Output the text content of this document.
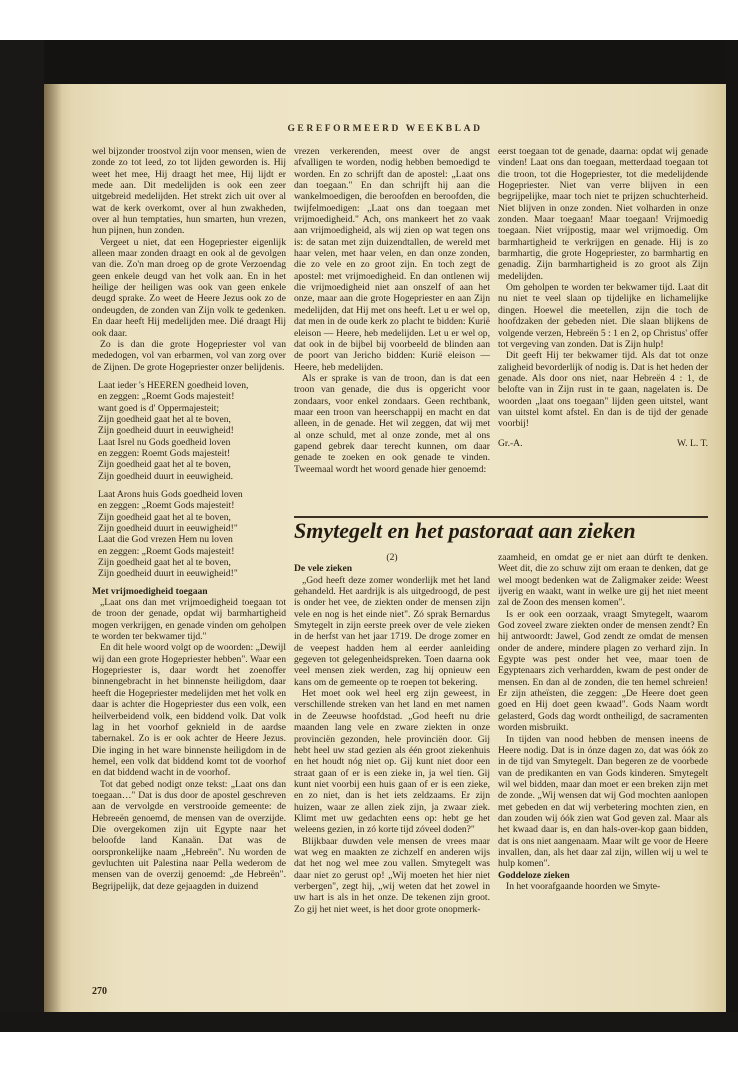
GEREFORMEERD WEEKBLAD

wel bijzonder troostvol zijn voor mensen, wien de zonde zo tot leed, zo tot lijden geworden is. Hij weet het mee, Hij draagt het mee, Hij lijdt er mede aan. Dit medelijden is ook een zeer uitgebreid medelijden. Het strekt zich uit over al wat de kerk overkomt, over al hun zwakheden, over al hun temptaties, hun smarten, hun vrezen, hun pijnen, hun zonden.

Vergeet u niet, dat een Hogepriester eigenlijk alleen maar zonden draagt en ook al de gevolgen van die. Zo'n man droeg op de grote Verzoendag geen enkele deugd van het volk aan. En in het heilige der heiligen was ook van geen enkele deugd sprake. Zo weet de Heere Jezus ook zo de ondeugden, de zonden van Zijn volk te gedenken. En daar heeft Hij medelijden mee. Dié draagt Hij ook daar.

Zo is dan die grote Hogepriester vol van mededogen, vol van erbarmen, vol van zorg over de Zijnen. De grote Hogepriester onzer belijdenis.

Laat ieder 's HEEREN goedheid loven,
en zeggen: „Roemt Gods majesteit!
want goed is d' Oppermajesteit;
Zijn goedheid gaat het al te boven,
Zijn goedheid duurt in eeuwigheid!
Laat Isrel nu Gods goedheid loven
en zeggen: Roemt Gods majesteit!
Zijn goedheid gaat het al te boven,
Zijn goedheid duurt in eeuwigheid.
Laat Arons huis Gods goedheid loven
en zeggen: „Roemt Gods majesteit!
Zijn goedheid gaat het al te boven,
Zijn goedheid duurt in eeuwigheid!"
Laat die God vrezen Hem nu loven
en zeggen: „Roemt Gods majesteit!
Zijn goedheid gaat het al te boven,
Zijn goedheid duurt in eeuwigheid!"

Met vrijmoedigheid toegaan

„Laat ons dan met vrijmoedigheid toegaan tot de troon der genade, opdat wij barmhartigheid mogen verkrijgen, en genade vinden om geholpen te worden ter bekwamer tijd."

En dit hele woord volgt op de woorden: „Dewijl wij dan een grote Hogepriester hebben". Waar een Hogepriester is, daar wordt het zoenoffer binnengebracht in het binnenste heiligdom, daar heeft die Hogepriester medelijden met het volk en daar is achter die Hogepriester dus een volk, een heilverbeidend volk, een biddend volk. Dat volk lag in het voorhof geknield in de aardse tabernakel. Zo is er ook achter de Heere Jezus. Die inging in het ware binnenste heiligdom in de hemel, een volk dat biddend komt tot de voorhof en dat biddend wacht in de voorhof.

Tot dat gebed nodigt onze tekst: „Laat ons dan toegaan…" Dat is dus door de apostel geschreven aan de vervolgde en verstrooide gemeente: de Hebreeën genoemd, de mensen van de overzijde. Die overgekomen zijn uit Egypte naar het beloofde land Kanaän. Dat was de oorspronkelijke naam „Hebreën". Nu worden de gevluchten uit Palestina naar Pella wederom de mensen van de overzij genoemd: „de Hebreën". Begrijpelijk, dat deze gejaagden in duizend

vrezen verkerenden, meest over de angst afvalligen te worden, nodig hebben bemoedigd te worden. En zo schrijft dan de apostel: „Laat ons dan toegaan." En dan schrijft hij aan die wankelmoedigen, die beroofden en beroofden, die twijfelmoedigen: „Laat ons dan toegaan met vrijmoedigheid." Ach, ons mankeert het zo vaak aan vrijmoedigheid, als wij zien op wat tegen ons is: de satan met zijn duizendtallen, de wereld met haar velen, met haar velen, en dan onze zonden, die zo vele en zo groot zijn. En toch zegt de apostel: met vrijmoedigheid. En dan ontlenen wij die vrijmoedigheid niet aan onszelf of aan het onze, maar aan die grote Hogepriester en aan Zijn medelijden, dat Hij met ons heeft. Let u er wel op, dat men in de oude kerk zo placht te bidden: Kurië eleison — Heere, heb medelijden. Let u er wel op, dat ook in de bijbel bij voorbeeld de blinden aan de poort van Jericho bidden: Kurië eleison — Heere, heb medelijden.

Als er sprake is van de troon, dan is dat een troon van genade, die dus is opgericht voor zondaars, voor enkel zondaars. Geen rechtbank, maar een troon van heerschappij en macht en dat alleen, in de genade. Het wil zeggen, dat wij met al onze schuld, met al onze zonde, met al ons gapend gebrek daar terecht kunnen, om daar genade te zoeken en ook genade te vinden. Tweemaal wordt het woord genade hier genoemd:

eerst toegaan tot de genade, daarna: opdat wij genade vinden! Laat ons dan toegaan, metterdaad toegaan tot die troon, tot die Hogepriester, tot die medelijdende Hogepriester. Niet van verre blijven in een begrijpelijke, maar toch niet te prijzen schuchterheid. Niet blijven in onze zonden. Niet volharden in onze zonden. Maar toegaan! Maar toegaan! Vrijmoedig toegaan. Niet vrijpostig, maar wel vrijmoedig. Om barmhartigheid te verkrijgen en genade. Hij is zo barmhartig, die grote Hogepriester, zo barmhartig en genadig. Zijn barmhartigheid is zo groot als Zijn medelijden.

Om geholpen te worden ter bekwamer tijd. Laat dit nu niet te veel slaan op tijdelijke en lichamelijke dingen. Hoewel die meetellen, zijn die toch de hoofdzaken der gebeden niet. Die slaan blijkens de volgende verzen, Hebreën 5 : 1 en 2, op Christus' offer tot vergeving van zonden. Dat is Zijn hulp!

Dit geeft Hij ter bekwamer tijd. Als dat tot onze zaligheid bevorderlijk of nodig is. Dat is het heden der genade. Als door ons niet, naar Hebreën 4 : 1, de belofte van in Zijn rust in te gaan, nagelaten is. De woorden „laat ons toegaan" lijden geen uitstel, want van uitstel komt afstel. En dan is de tijd der genade voorbij!

Gr.-A.	W. L. T.
Smytegelt en het pastoraat aan zieken

(2)

De vele zieken

„God heeft deze zomer wonderlijk met het land gehandeld. Het aardrijk is als uitgedroogd, de pest is onder het vee, de ziekten onder de mensen zijn vele en nog is het einde niet". Zó sprak Bernardus Smytegelt in zijn eerste preek over de vele zieken in de herfst van het jaar 1719. De droge zomer en de veepest hadden hem al eerder aanleiding gegeven tot gelegenheidspreken. Toen daarna ook veel mensen ziek werden, zag hij opnieuw een kans om de gemeente op te roepen tot bekering.

Het moet ook wel heel erg zijn geweest, in verschillende streken van het land en met namen in de Zeeuwse hoofdstad. „God heeft nu drie maanden lang vele en zware ziekten in onze provinciën gezonden, hele provinciën door. Gij hebt heel uw stad gezien als één groot ziekenhuis en het houdt nóg niet op. Gij kunt niet door een straat gaan of er is een zieke in, ja wel tien. Gij kunt niet voorbij een huis gaan of er is een zieke, en zo niet, dan is het iets zeldzaams. Er zijn huizen, waar ze allen ziek zijn, ja zwaar ziek. Klimt met uw gedachten eens op: hebt ge het weleens gezien, in zó korte tijd zóveel doden?"

Blijkbaar duwden vele mensen de vrees maar wat weg en maakten ze zichzelf en anderen wijs dat het nog wel mee zou vallen. Smytegelt was daar niet zo gerust op! „Wij moeten het hier niet verbergen", zegt hij, „wij weten dat het zowel in uw hart is als in het onze. De tekenen zijn groot. Zo gij het niet weet, is het door grote onopmerk-

zaamheid, en omdat ge er niet aan dúrft te denken. Weet dit, die zo schuw zijt om eraan te denken, dat ge wel moogt bedenken wat de Zaligmaker zeide: Weest ijverig en waakt, want in welke ure gij het niet meent zal de Zoon des mensen komen".

Is er ook een oorzaak, vraagt Smytegelt, waarom God zoveel zware ziekten onder de mensen zendt? En hij antwoordt: Jawel, God zendt ze omdat de mensen onder de andere, mindere plagen zo verhard zijn. In Egypte was pest onder het vee, maar toen de Egyptenaars zich verhardden, kwam de pest onder de mensen. En dan al de zonden, die ten hemel schreien! Er zijn atheïsten, die zeggen: „De Heere doet geen goed en Hij doet geen kwaad". Gods Naam wordt gelasterd, Gods dag wordt ontheiligd, de sacramenten worden misbruikt.

In tijden van nood hebben de mensen ineens de Heere nodig. Dat is in ónze dagen zo, dat was óók zo in de tijd van Smytegelt. Dan begeren ze de voorbede van de predikanten en van Gods kinderen. Smytegelt wil wel bidden, maar dan moet er een breken zijn met de zonde. „Wij wensen dat wij God mochten aanlopen met gebeden en dat wij verbetering mochten zien, en dan zouden wij óók zien wat God geven zal. Maar als het kwaad daar is, en dan hals-over-kop gaan bidden, dat is ons niet aangenaam. Maar wilt ge voor de Heere invallen, dan, als het daar zal zijn, willen wij u wel te hulp komen".

Goddeloze zieken

In het voorafgaande hoorden we Smyte-

270
